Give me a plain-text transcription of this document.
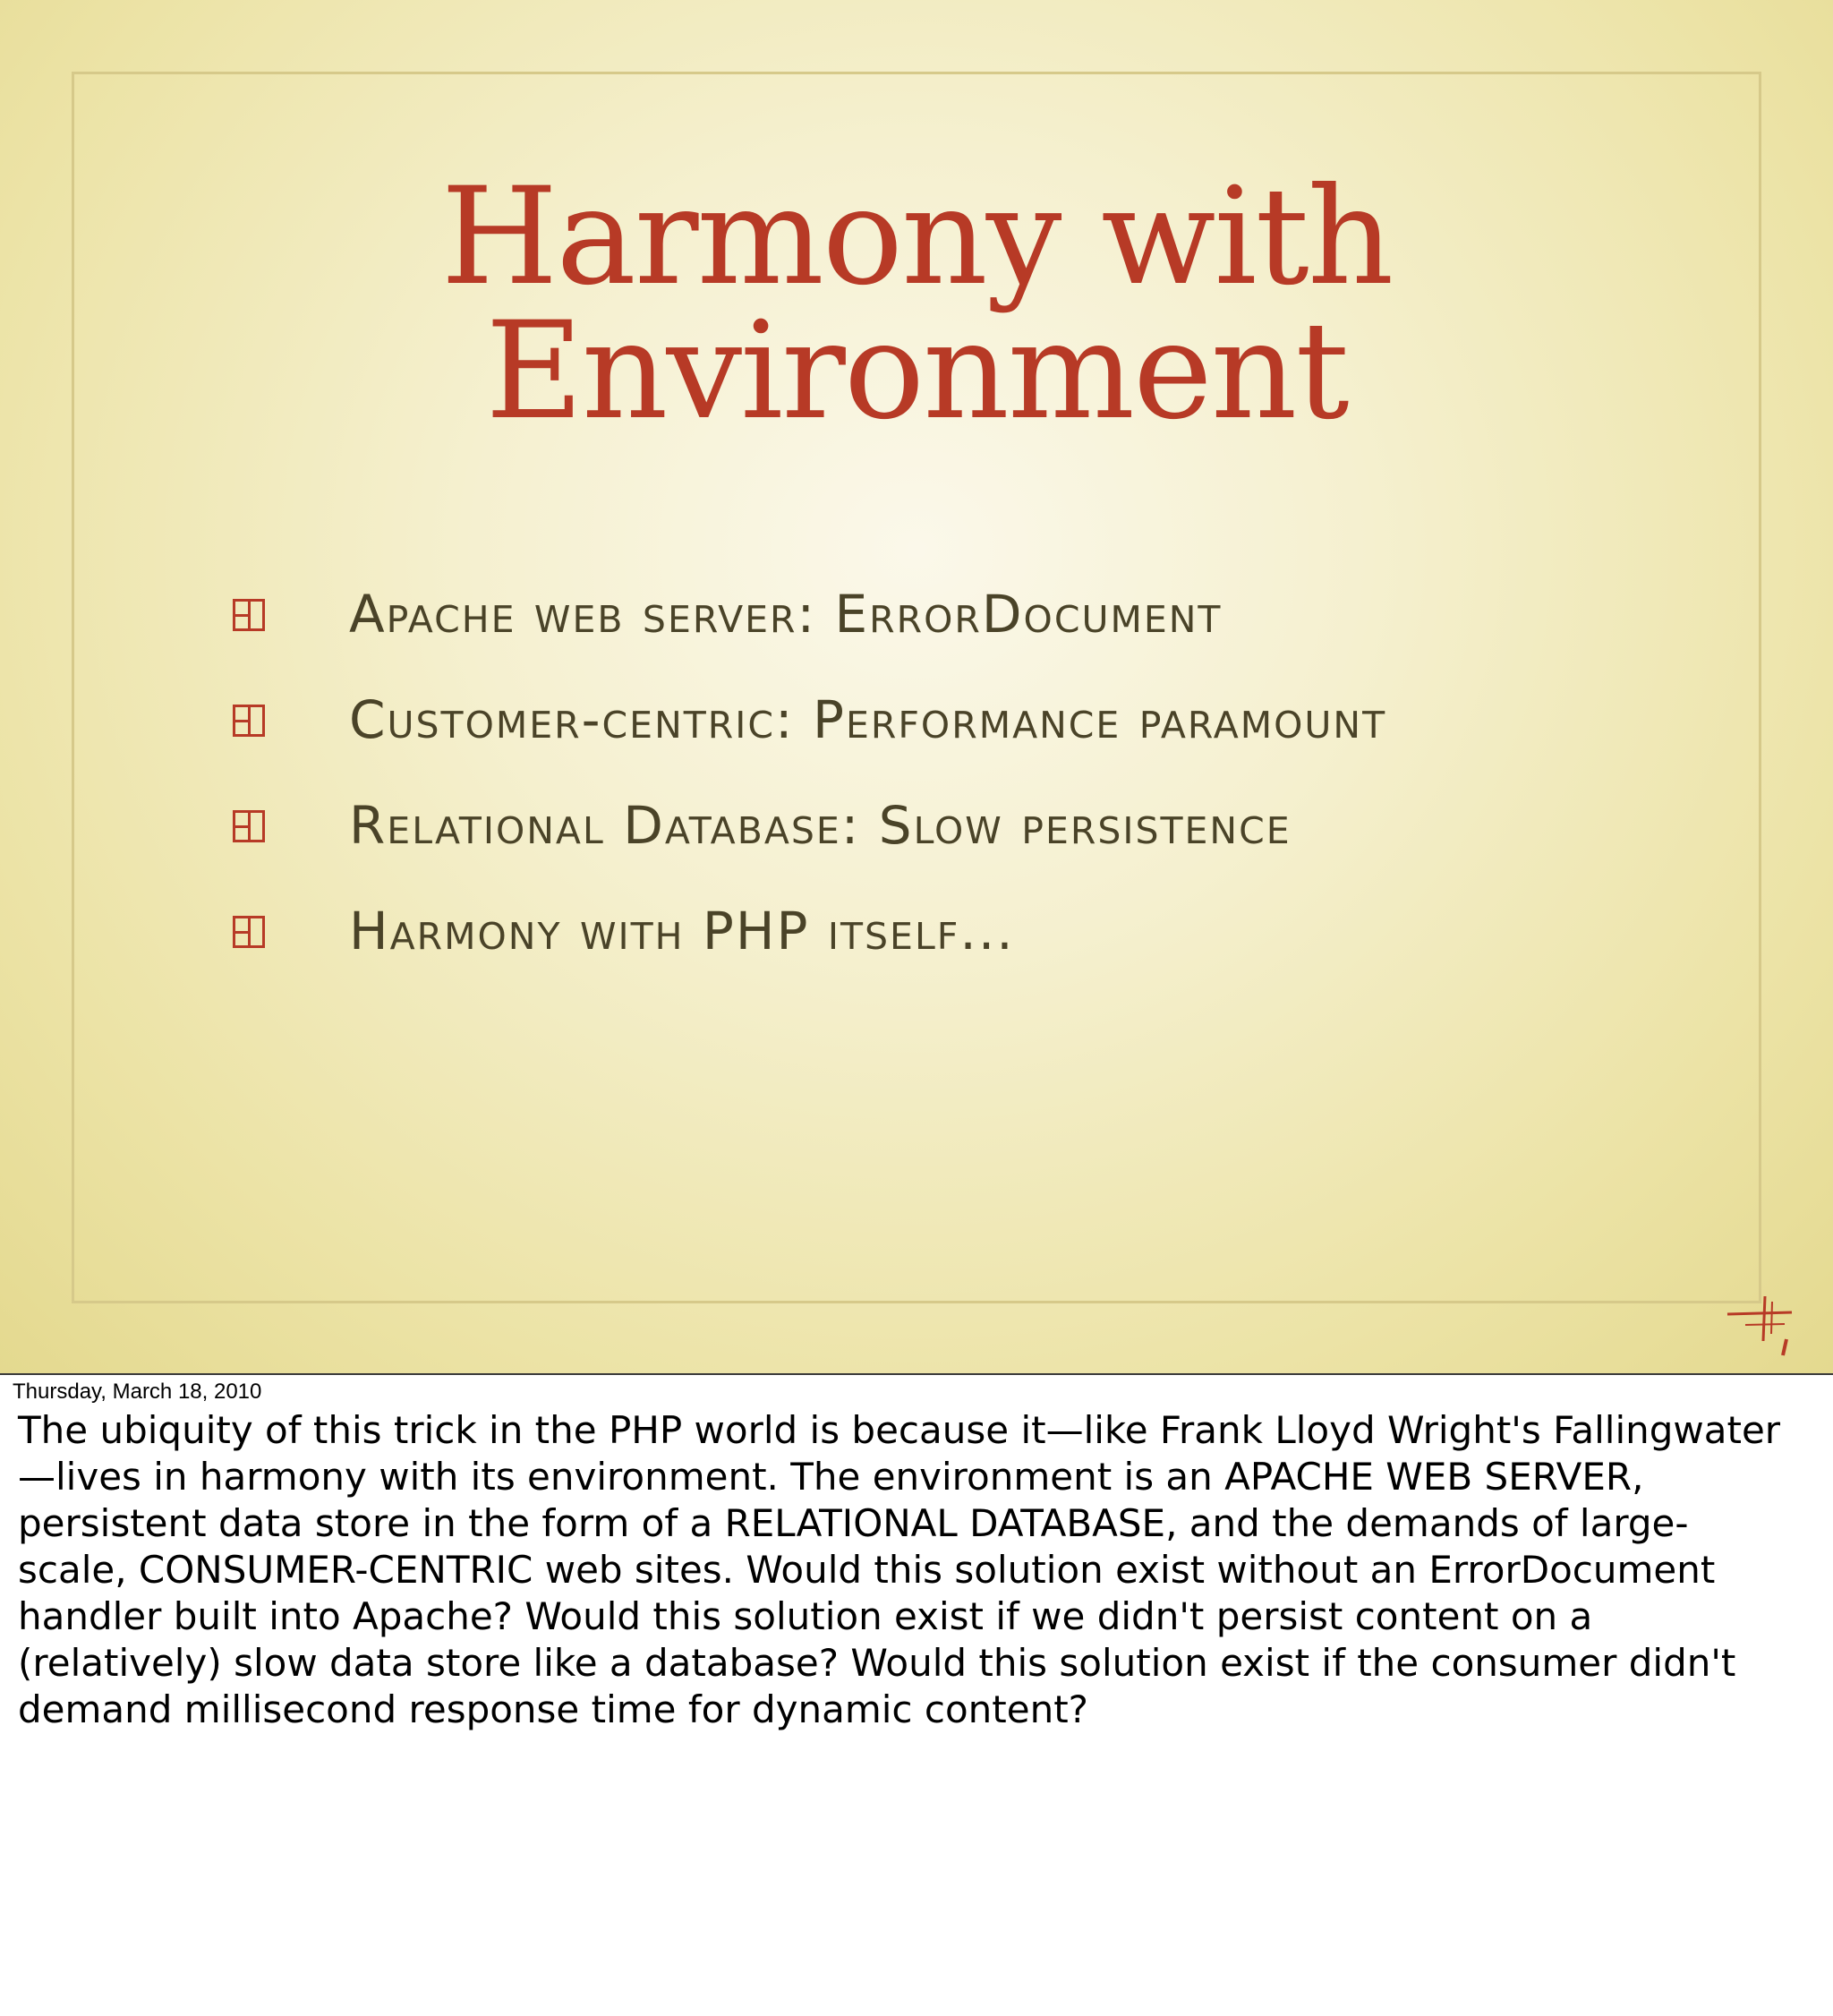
Harmony with Environment
Apache web server: ErrorDocument
Customer-centric: Performance paramount
Relational Database: Slow persistence
Harmony with PHP itself...
Thursday, March 18, 2010

The ubiquity of this trick in the PHP world is because it—like Frank Lloyd Wright's Fallingwater
—lives in harmony with its environment. The environment is an APACHE WEB SERVER,
persistent data store in the form of a RELATIONAL DATABASE, and the demands of large-
scale, CONSUMER-CENTRIC web sites. Would this solution exist without an ErrorDocument
handler built into Apache? Would this solution exist if we didn't persist content on a
(relatively) slow data store like a database? Would this solution exist if the consumer didn't
demand millisecond response time for dynamic content?
